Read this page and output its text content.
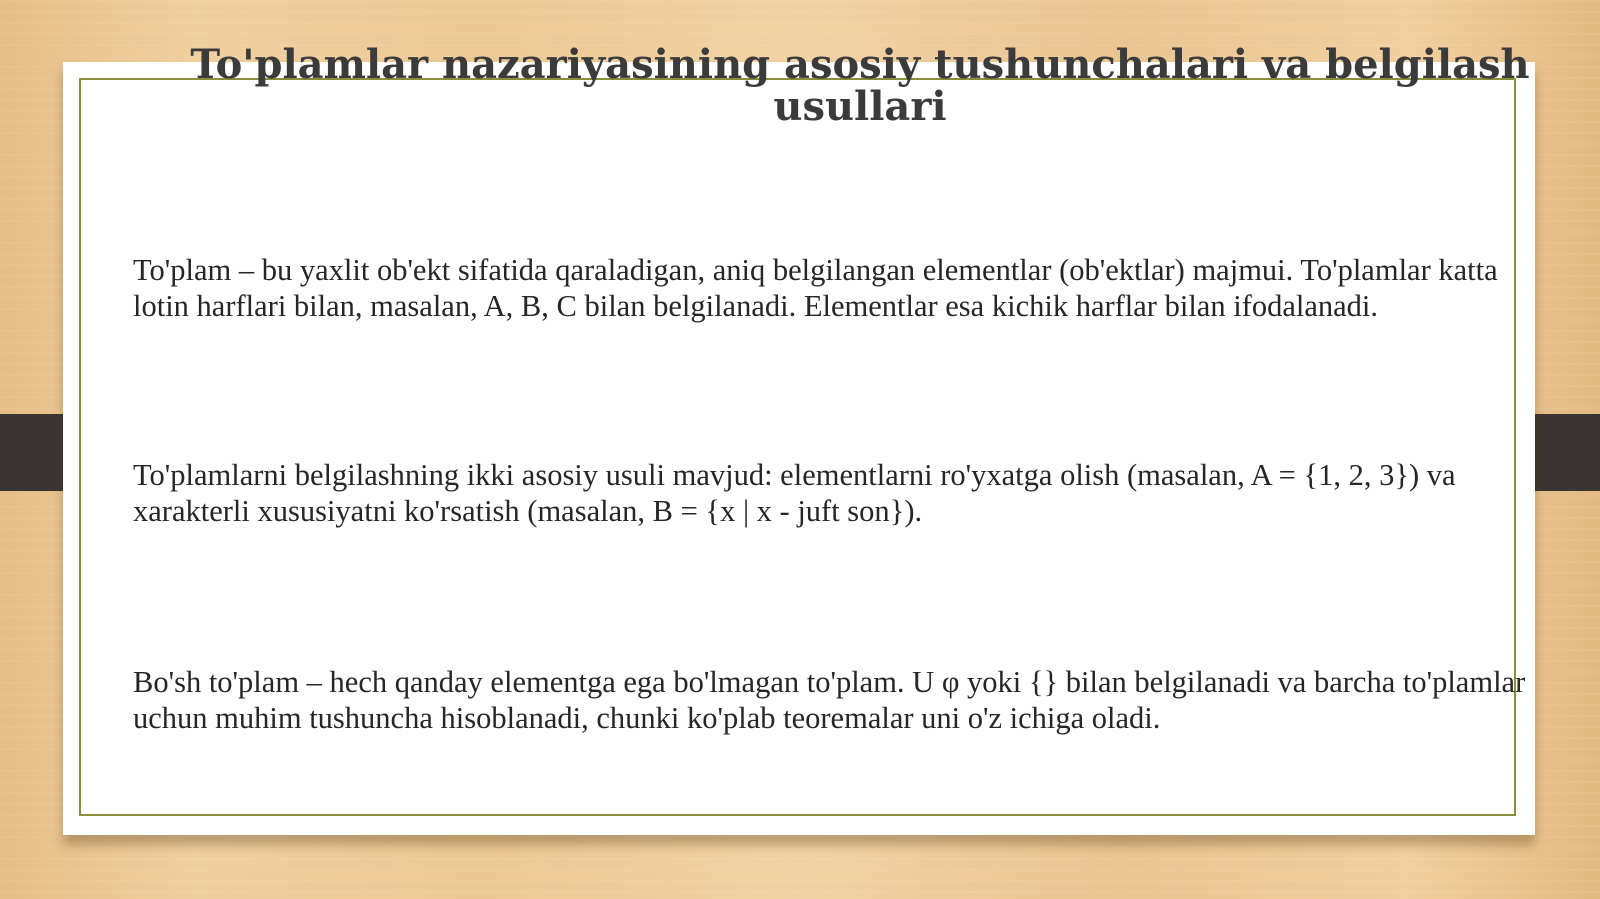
To'plamlar nazariyasining asosiy tushunchalari va belgilash usullari

To'plam – bu yaxlit ob'ekt sifatida qaraladigan, aniq belgilangan elementlar (ob'ektlar) majmui. To'plamlar katta lotin harflari bilan, masalan, A, B, C bilan belgilanadi. Elementlar esa kichik harflar bilan ifodalanadi.

To'plamlarni belgilashning ikki asosiy usuli mavjud: elementlarni ro'yxatga olish (masalan, A = {1, 2, 3}) va xarakterli xususiyatni ko'rsatish (masalan, B = {x | x - juft son}).

Bo'sh to'plam – hech qanday elementga ega bo'lmagan to'plam. U φ yoki {} bilan belgilanadi va barcha to'plamlar uchun muhim tushuncha hisoblanadi, chunki ko'plab teoremalar uni o'z ichiga oladi.
